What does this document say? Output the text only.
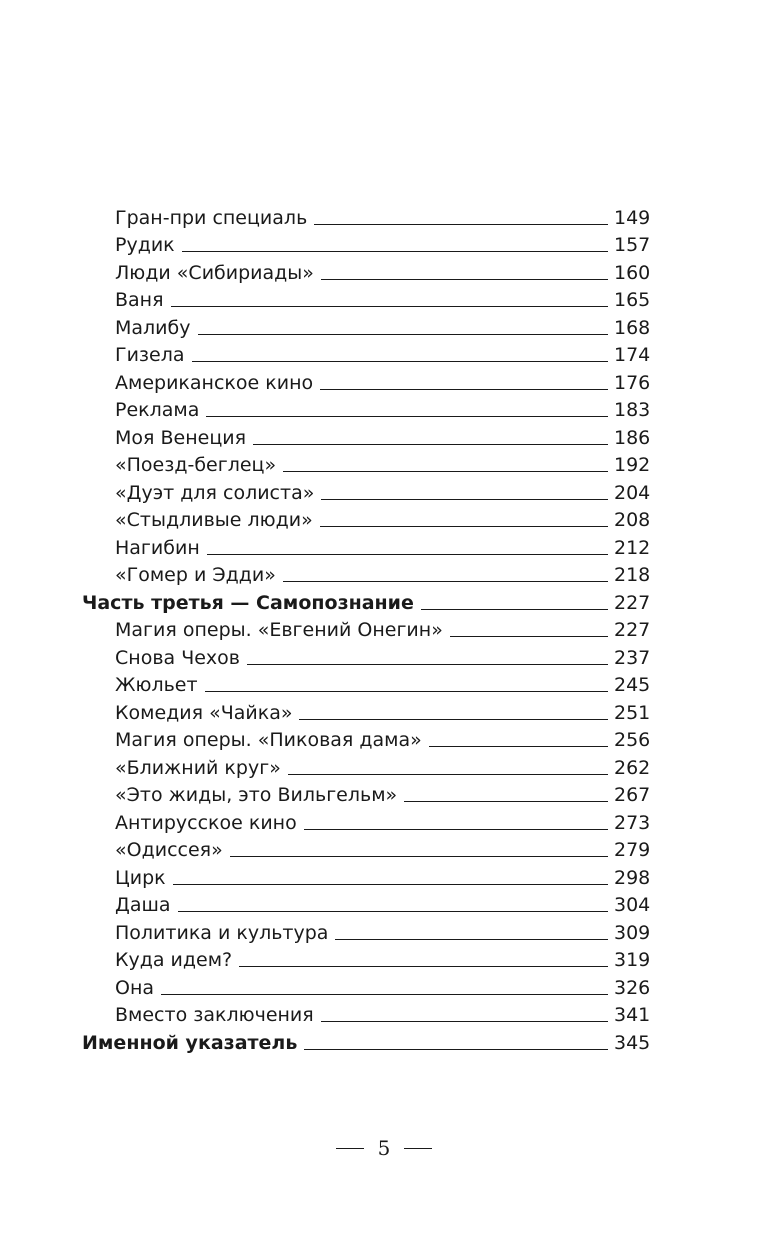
Гран-при специаль	149
Рудик	157
Люди «Сибириады»	160
Ваня	165
Малибу	168
Гизела	174
Американское кино	176
Реклама	183
Моя Венеция	186
«Поезд-беглец»	192
«Дуэт для солиста»	204
«Стыдливые люди»	208
Нагибин	212
«Гомер и Эдди»	218
Часть третья — Самопознание	227
Магия оперы. «Евгений Онегин»	227
Снова Чехов	237
Жюльет	245
Комедия «Чайка»	251
Магия оперы. «Пиковая дама»	256
«Ближний круг»	262
«Это жиды, это Вильгельм»	267
Антирусское кино	273
«Одиссея»	279
Цирк	298
Даша	304
Политика и культура	309
Куда идем?	319
Она	326
Вместо заключения	341
Именной указатель	345
5
